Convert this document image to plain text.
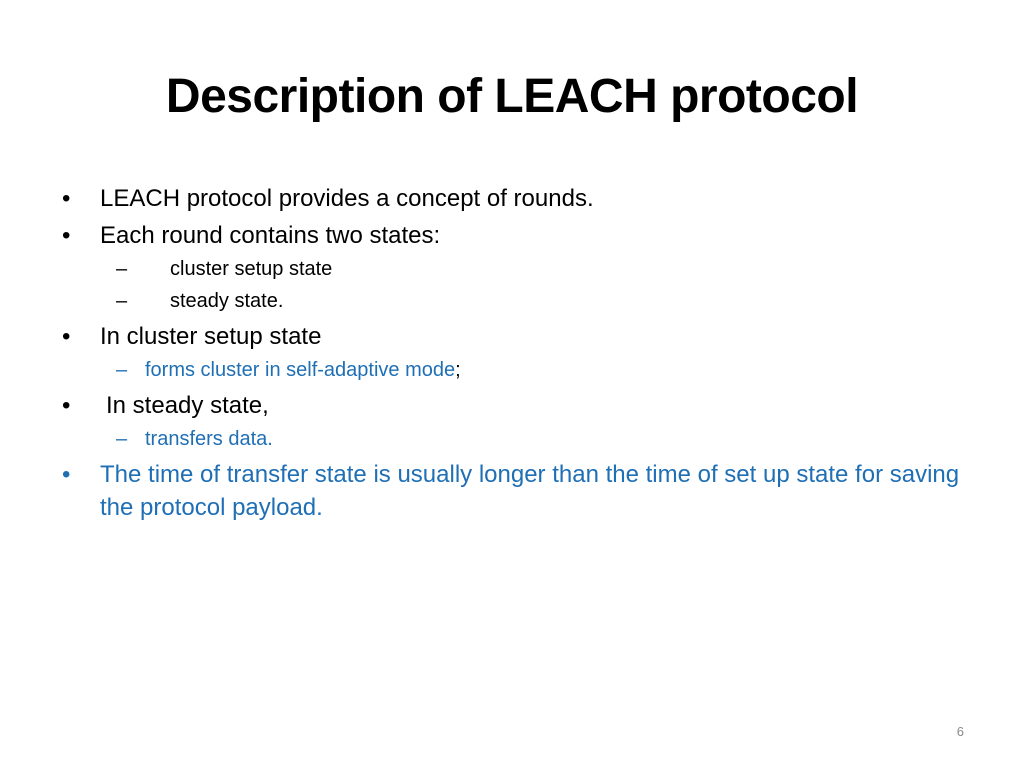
Description of LEACH protocol
•	LEACH protocol provides a concept of rounds.
•	Each round contains two states:
– cluster setup state
– steady state.
•	In cluster setup state
– forms cluster in self-adaptive mode;
•	In steady state,
– transfers data.
•	The time of transfer state is usually longer than the time of set up state for saving the protocol payload.
6
